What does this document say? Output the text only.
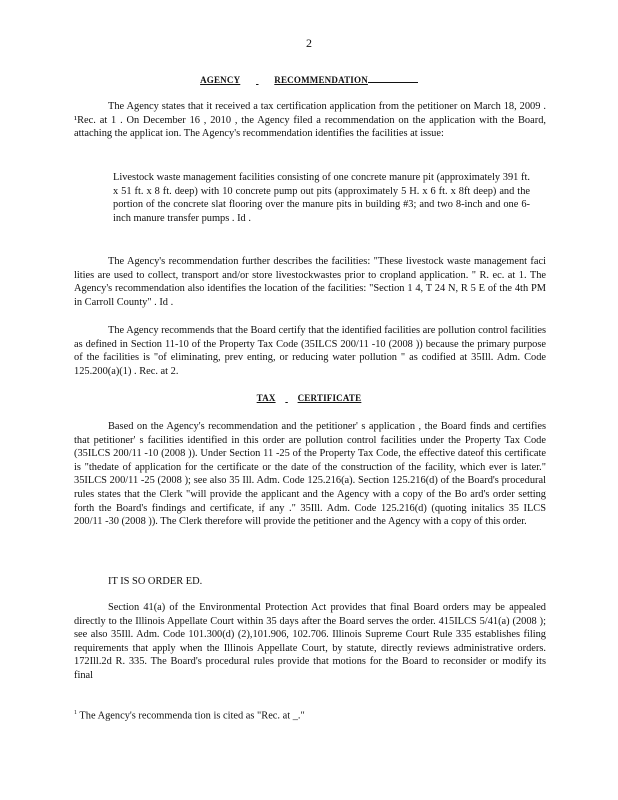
2
AGENCY	RECOMMENDATION

The Agency states that it received a tax certification application from the petitioner on March 18, 2009 . ¹Rec. at 1 . On December 16 , 2010 , the Agency filed a recommendation on the application with the Board, attaching the applicat ion. The Agency's recommendation identifies the facilities at issue:

Livestock waste management facilities consisting of one concrete manure pit (approximately 391 ft. x 51 ft. x 8 ft. deep) with 10 concrete pump out pits (approximately 5 H. x 6 ft. x 8ft deep) and the portion of the concrete slat flooring over the manure pits in building #3; and two 8-inch and one 6-inch manure transfer pumps . Id .

The Agency's recommendation further describes the facilities: "These livestock waste management faci lities are used to collect, transport and/or store livestockwastes prior to cropland application. " R. ec. at 1. The Agency's recommendation also identifies the location of the facilities: "Section 1 4, T 24 N, R 5 E of the 4th PM in Carroll County" . Id .

The Agency recommends that the Board certify that the identified facilities are pollution control facilities as defined in Section 11-10 of the Property Tax Code (35ILCS 200/11 -10 (2008 )) because the primary purpose of the facilities is "of eliminating, prev enting, or reducing water pollution " as codified at 35Ill. Adm. Code 125.200(a)(1) . Rec. at 2.

TAX CERTIFICATE

Based on the Agency's recommendation and the petitioner' s application , the Board finds and certifies that petitioner' s facilities identified in this order are pollution control facilities under the Property Tax Code (35ILCS 200/11 -10 (2008 )). Under Section 11 -25 of the Property Tax Code, the effective dateof this certificate is "thedate of application for the certificate or the date of the construction of the facility, which ever is later." 35ILCS 200/11 -25 (2008 ); see also 35 Ill. Adm. Code 125.216(a). Section 125.216(d) of the Board's procedural rules states that the Clerk "will provide the applicant and the Agency with a copy of the Bo ard's order setting forth the Board's findings and certificate, if any ." 35Ill. Adm. Code 125.216(d) (quoting initalics 35 ILCS 200/11 -30 (2008 )). The Clerk therefore will provide the petitioner and the Agency with a copy of this order.

IT IS SO ORDER ED.

Section 41(a) of the Environmental Protection Act provides that final Board orders may be appealed directly to the Illinois Appellate Court within 35 days after the Board serves the order. 415ILCS 5/41(a) (2008 ); see also 35Ill. Adm. Code 101.300(d) (2),101.906, 102.706. Illinois Supreme Court Rule 335 establishes filing requirements that apply when the Illinois Appellate Court, by statute, directly reviews administrative orders. 172Ill.2d R. 335. The Board's procedural rules provide that motions for the Board to reconsider or modify its final

$^1$ The Agency's recommenda tion is cited as "Rec. at _."
